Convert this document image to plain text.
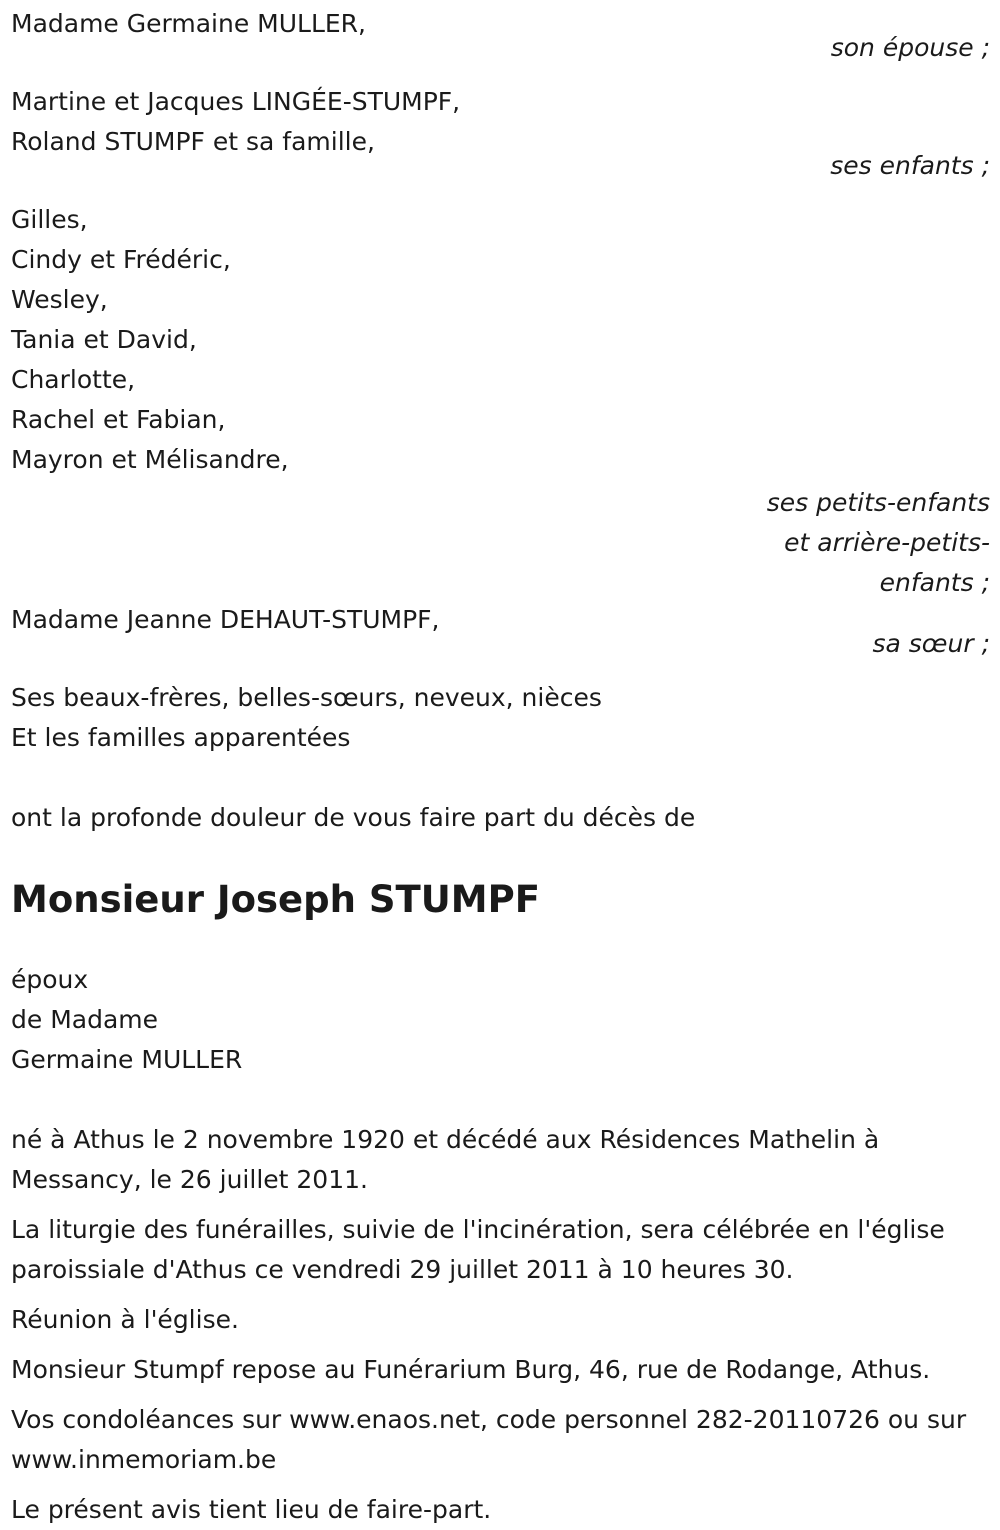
Madame Germaine MULLER,

son épouse ;

Martine et Jacques LINGÉE-STUMPF,

Roland STUMPF et sa famille,

ses enfants ;

Gilles,

Cindy et Frédéric,

Wesley,

Tania et David,

Charlotte,

Rachel et Fabian,

Mayron et Mélisandre,

ses petits-enfants

et arrière-petits-

enfants ;

Madame Jeanne DEHAUT-STUMPF,

sa sœur ;

Ses beaux-frères, belles-sœurs, neveux, nièces

Et les familles apparentées

ont la profonde douleur de vous faire part du décès de

Monsieur Joseph STUMPF

époux

de Madame

Germaine MULLER

né à Athus le 2 novembre 1920 et décédé aux Résidences Mathelin à Messancy, le 26 juillet 2011.

La liturgie des funérailles, suivie de l'incinération, sera célébrée en l'église paroissiale d'Athus ce vendredi 29 juillet 2011 à 10 heures 30.

Réunion à l'église.

Monsieur Stumpf repose au Funérarium Burg, 46, rue de Rodange, Athus.

Vos condoléances sur www.enaos.net, code personnel 282-20110726 ou sur www.inmemoriam.be

Le présent avis tient lieu de faire-part.
